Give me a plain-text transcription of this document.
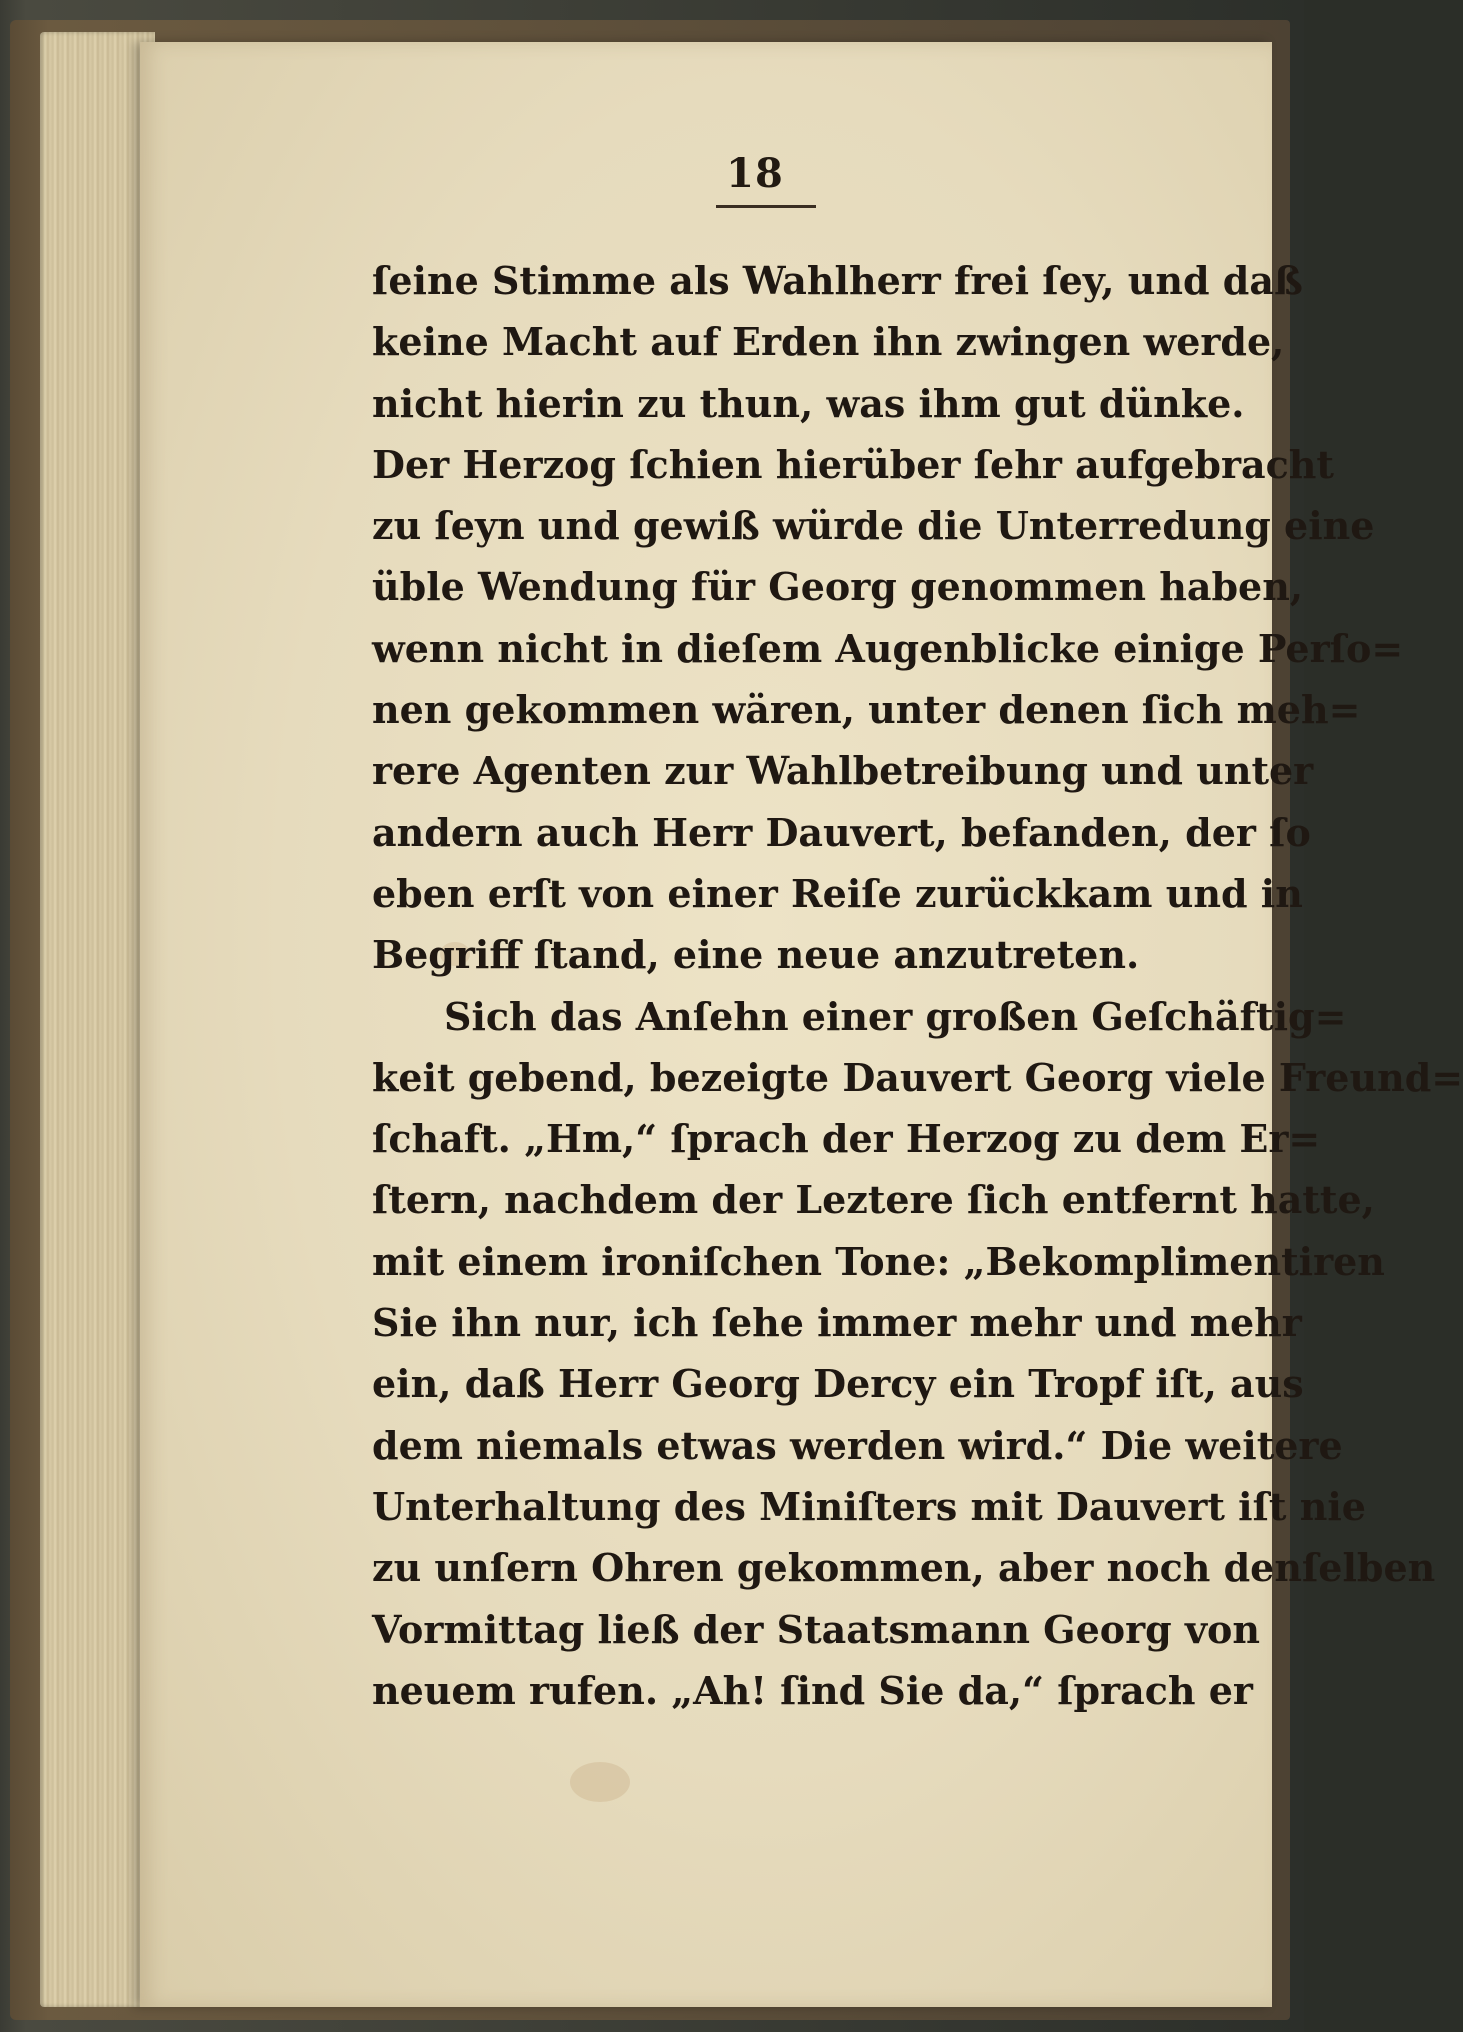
18
ſeine Stimme als Wahlherr frei ſey, und daß
keine Macht auf Erden ihn zwingen werde,
nicht hierin zu thun, was ihm gut dünke.
Der Herzog ſchien hierüber ſehr aufgebracht
zu ſeyn und gewiß würde die Unterredung eine
üble Wendung für Georg genommen haben,
wenn nicht in dieſem Augenblicke einige Perſo=
nen gekommen wären, unter denen ſich meh=
rere Agenten zur Wahlbetreibung und unter
andern auch Herr Dauvert, befanden, der ſo
eben erſt von einer Reiſe zurückkam und in
Begriff ſtand, eine neue anzutreten.
Sich das Anſehn einer großen Geſchäftig=
keit gebend, bezeigte Dauvert Georg viele Freund=
ſchaft. „Hm,“ ſprach der Herzog zu dem Er=
ſtern, nachdem der Leztere ſich entfernt hatte,
mit einem ironiſchen Tone: „Bekomplimentiren
Sie ihn nur, ich ſehe immer mehr und mehr
ein, daß Herr Georg Dercy ein Tropf iſt, aus
dem niemals etwas werden wird.“ Die weitere
Unterhaltung des Miniſters mit Dauvert iſt nie
zu unſern Ohren gekommen, aber noch denſelben
Vormittag ließ der Staatsmann Georg von
neuem rufen. „Ah! ſind Sie da,“ ſprach er
